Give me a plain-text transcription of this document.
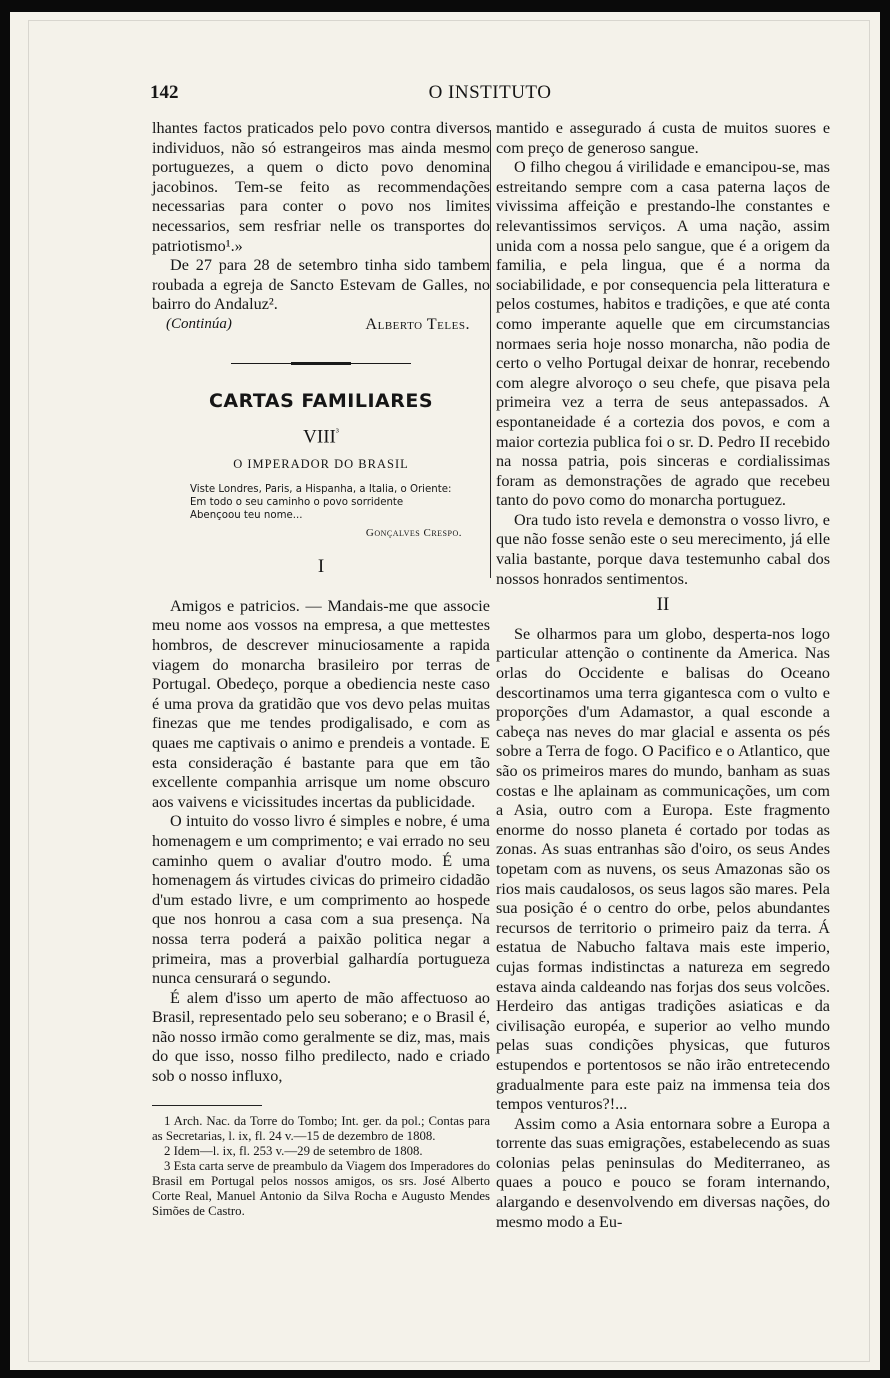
142	O INSTITUTO

lhantes factos praticados pelo povo contra diversos individuos, não só estrangeiros mas ainda mesmo portuguezes, a quem o dicto povo denomina jacobinos. Tem-se feito as recommendações necessarias para conter o povo nos limites necessarios, sem resfriar nelle os transportes do patriotismo¹.»

De 27 para 28 de setembro tinha sido tambem roubada a egreja de Sancto Estevam de Galles, no bairro do Andaluz².

(Continúa)	Alberto Teles.
CARTAS FAMILIARES
$VIII^{^3}$
O IMPERADOR DO BRASIL
Viste Londres, Paris, a Hispanha, a Italia, o Oriente:
Em todo o seu caminho o povo sorridente
Abençoou teu nome...
Gonçalves Crespo.
I

Amigos e patricios. — Mandais-me que associe meu nome aos vossos na empresa, a que mettestes hombros, de descrever minuciosamente a rapida viagem do monarcha brasileiro por terras de Portugal. Obedeço, porque a obediencia neste caso é uma prova da gratidão que vos devo pelas muitas finezas que me tendes prodigalisado, e com as quaes me captivais o animo e prendeis a vontade. E esta consideração é bastante para que em tão excellente companhia arrisque um nome obscuro aos vaivens e vicissitudes incertas da publicidade.

O intuito do vosso livro é simples e nobre, é uma homenagem e um comprimento; e vai errado no seu caminho quem o avaliar d'outro modo. É uma homenagem ás virtudes civicas do primeiro cidadão d'um estado livre, e um comprimento ao hospede que nos honrou a casa com a sua presença. Na nossa terra poderá a paixão politica negar a primeira, mas a proverbial galhardía portugueza nunca censurará o segundo.

É alem d'isso um aperto de mão affectuoso ao Brasil, representado pelo seu soberano; e o Brasil é, não nosso irmão como geralmente se diz, mas, mais do que isso, nosso filho predilecto, nado e criado sob o nosso influxo,

1 Arch. Nac. da Torre do Tombo; Int. ger. da pol.; Contas para as Secretarias, l. ix, fl. 24 v.—15 de dezembro de 1808.

2 Idem—l. ix, fl. 253 v.—29 de setembro de 1808.

3 Esta carta serve de preambulo da Viagem dos Imperadores do Brasil em Portugal pelos nossos amigos, os srs. José Alberto Corte Real, Manuel Antonio da Silva Rocha e Augusto Mendes Simões de Castro.

mantido e assegurado á custa de muitos suores e com preço de generoso sangue.

O filho chegou á virilidade e emancipou-se, mas estreitando sempre com a casa paterna laços de vivissima affeição e prestando-lhe constantes e relevantissimos serviços. A uma nação, assim unida com a nossa pelo sangue, que é a origem da familia, e pela lingua, que é a norma da sociabilidade, e por consequencia pela litteratura e pelos costumes, habitos e tradições, e que até conta como imperante aquelle que em circumstancias normaes seria hoje nosso monarcha, não podia de certo o velho Portugal deixar de honrar, recebendo com alegre alvoroço o seu chefe, que pisava pela primeira vez a terra de seus antepassados. A espontaneidade é a cortezia dos povos, e com a maior cortezia publica foi o sr. D. Pedro II recebido na nossa patria, pois sinceras e cordialissimas foram as demonstrações de agrado que recebeu tanto do povo como do monarcha portuguez.

Ora tudo isto revela e demonstra o vosso livro, e que não fosse senão este o seu merecimento, já elle valia bastante, porque dava testemunho cabal dos nossos honrados sentimentos.

II

Se olharmos para um globo, desperta-nos logo particular attenção o continente da America. Nas orlas do Occidente e balisas do Oceano descortinamos uma terra gigantesca com o vulto e proporções d'um Adamastor, a qual esconde a cabeça nas neves do mar glacial e assenta os pés sobre a Terra de fogo. O Pacifico e o Atlantico, que são os primeiros mares do mundo, banham as suas costas e lhe aplainam as communicações, um com a Asia, outro com a Europa. Este fragmento enorme do nosso planeta é cortado por todas as zonas. As suas entranhas são d'oiro, os seus Andes topetam com as nuvens, os seus Amazonas são os rios mais caudalosos, os seus lagos são mares. Pela sua posição é o centro do orbe, pelos abundantes recursos de territorio o primeiro paiz da terra. Á estatua de Nabucho faltava mais este imperio, cujas formas indistinctas a natureza em segredo estava ainda caldeando nas forjas dos seus volcões. Herdeiro das antigas tradições asiaticas e da civilisação européa, e superior ao velho mundo pelas suas condições physicas, que futuros estupendos e portentosos se não irão entretecendo gradualmente para este paiz na immensa teia dos tempos venturos?!...

Assim como a Asia entornara sobre a Europa a torrente das suas emigrações, estabelecendo as suas colonias pelas peninsulas do Mediterraneo, as quaes a pouco e pouco se foram internando, alargando e desenvolvendo em diversas nações, do mesmo modo a Eu-
